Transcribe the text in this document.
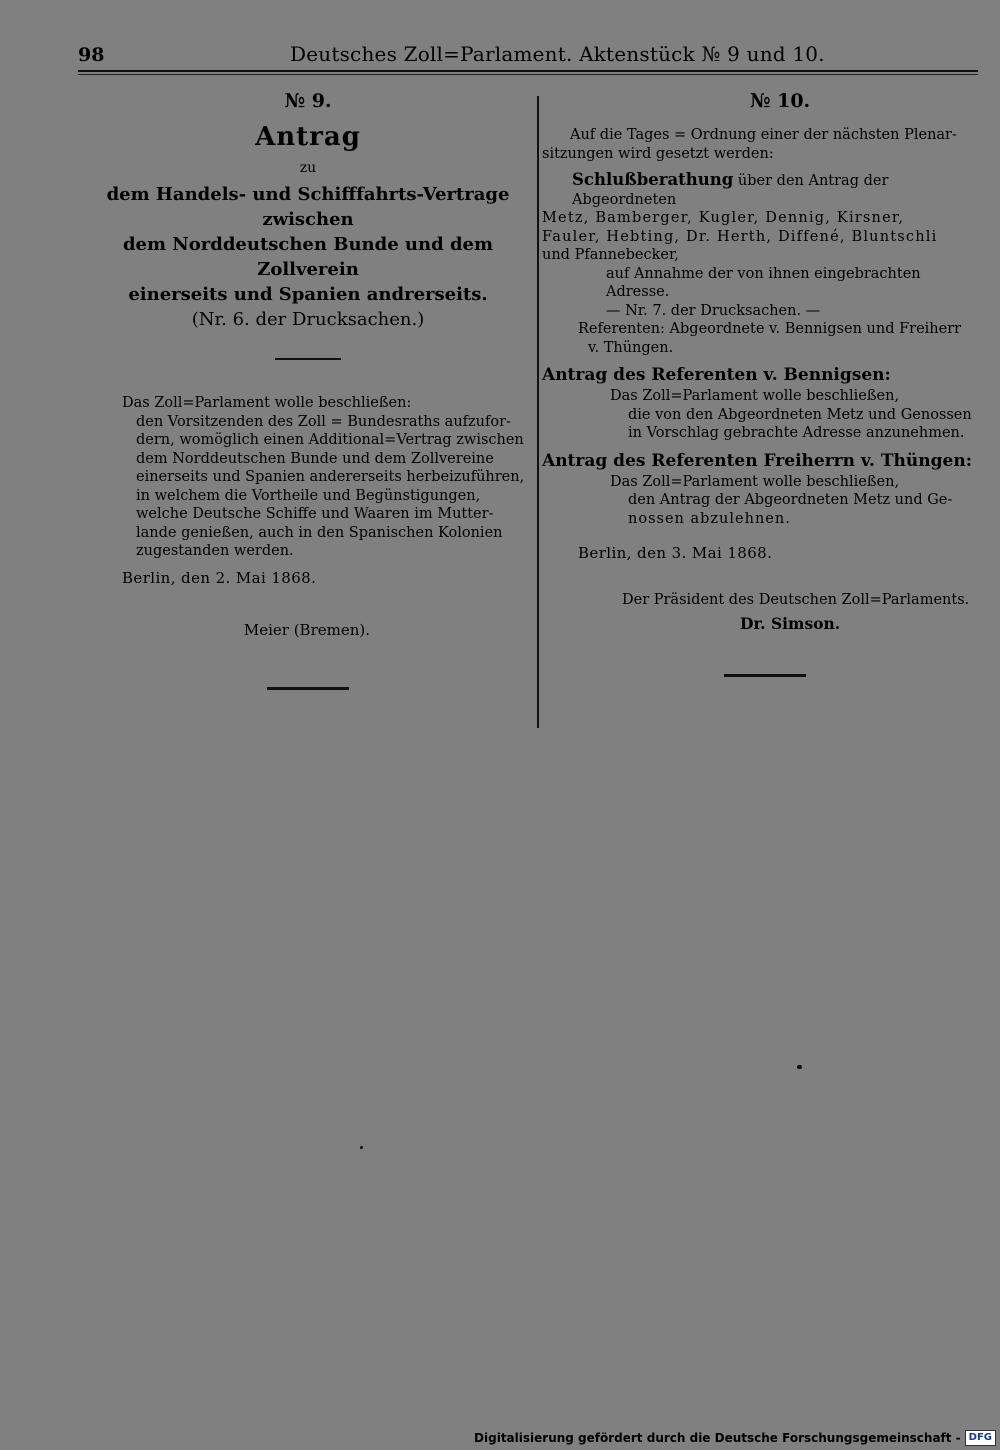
98	Deutsches Zoll=Parlament. Aktenstück № 9 und 10.
№ 9.
Antrag
zu
dem Handels- und Schifffahrts-Vertrage zwischen
dem Norddeutschen Bunde und dem Zollverein
einerseits und Spanien andrerseits.
(Nr. 6. der Drucksachen.)
Das Zoll=Parlament wolle beschließen:
den Vorsitzenden des Zoll = Bundesraths aufzufor-
dern, womöglich einen Additional=Vertrag zwischen
dem Norddeutschen Bunde und dem Zollvereine
einerseits und Spanien andererseits herbeizuführen,
in welchem die Vortheile und Begünstigungen,
welche Deutsche Schiffe und Waaren im Mutter-
lande genießen, auch in den Spanischen Kolonien
zugestanden werden.
Berlin, den 2. Mai 1868.
Meier (Bremen).
№ 10.
Auf die Tages = Ordnung einer der nächsten Plenar-
sitzungen wird gesetzt werden:
Schlußberathung über den Antrag der Abgeordneten
Metz, Bamberger, Kugler, Dennig, Kirsner,
Fauler, Hebting, Dr. Herth, Diffené, Bluntschli
und Pfannebecker,
auf Annahme der von ihnen eingebrachten Adresse.
— Nr. 7. der Drucksachen. —
Referenten: Abgeordnete v. Bennigsen und Freiherr
v. Thüngen.
Antrag des Referenten v. Bennigsen:
Das Zoll=Parlament wolle beschließen,
die von den Abgeordneten Metz und Genossen
in Vorschlag gebrachte Adresse anzunehmen.
Antrag des Referenten Freiherrn v. Thüngen:
Das Zoll=Parlament wolle beschließen,
den Antrag der Abgeordneten Metz und Ge-
nossen abzulehnen.
Berlin, den 3. Mai 1868.
Der Präsident des Deutschen Zoll=Parlaments.
Dr. Simson.
Digitalisierung gefördert durch die Deutsche Forschungsgemeinschaft - DFG
